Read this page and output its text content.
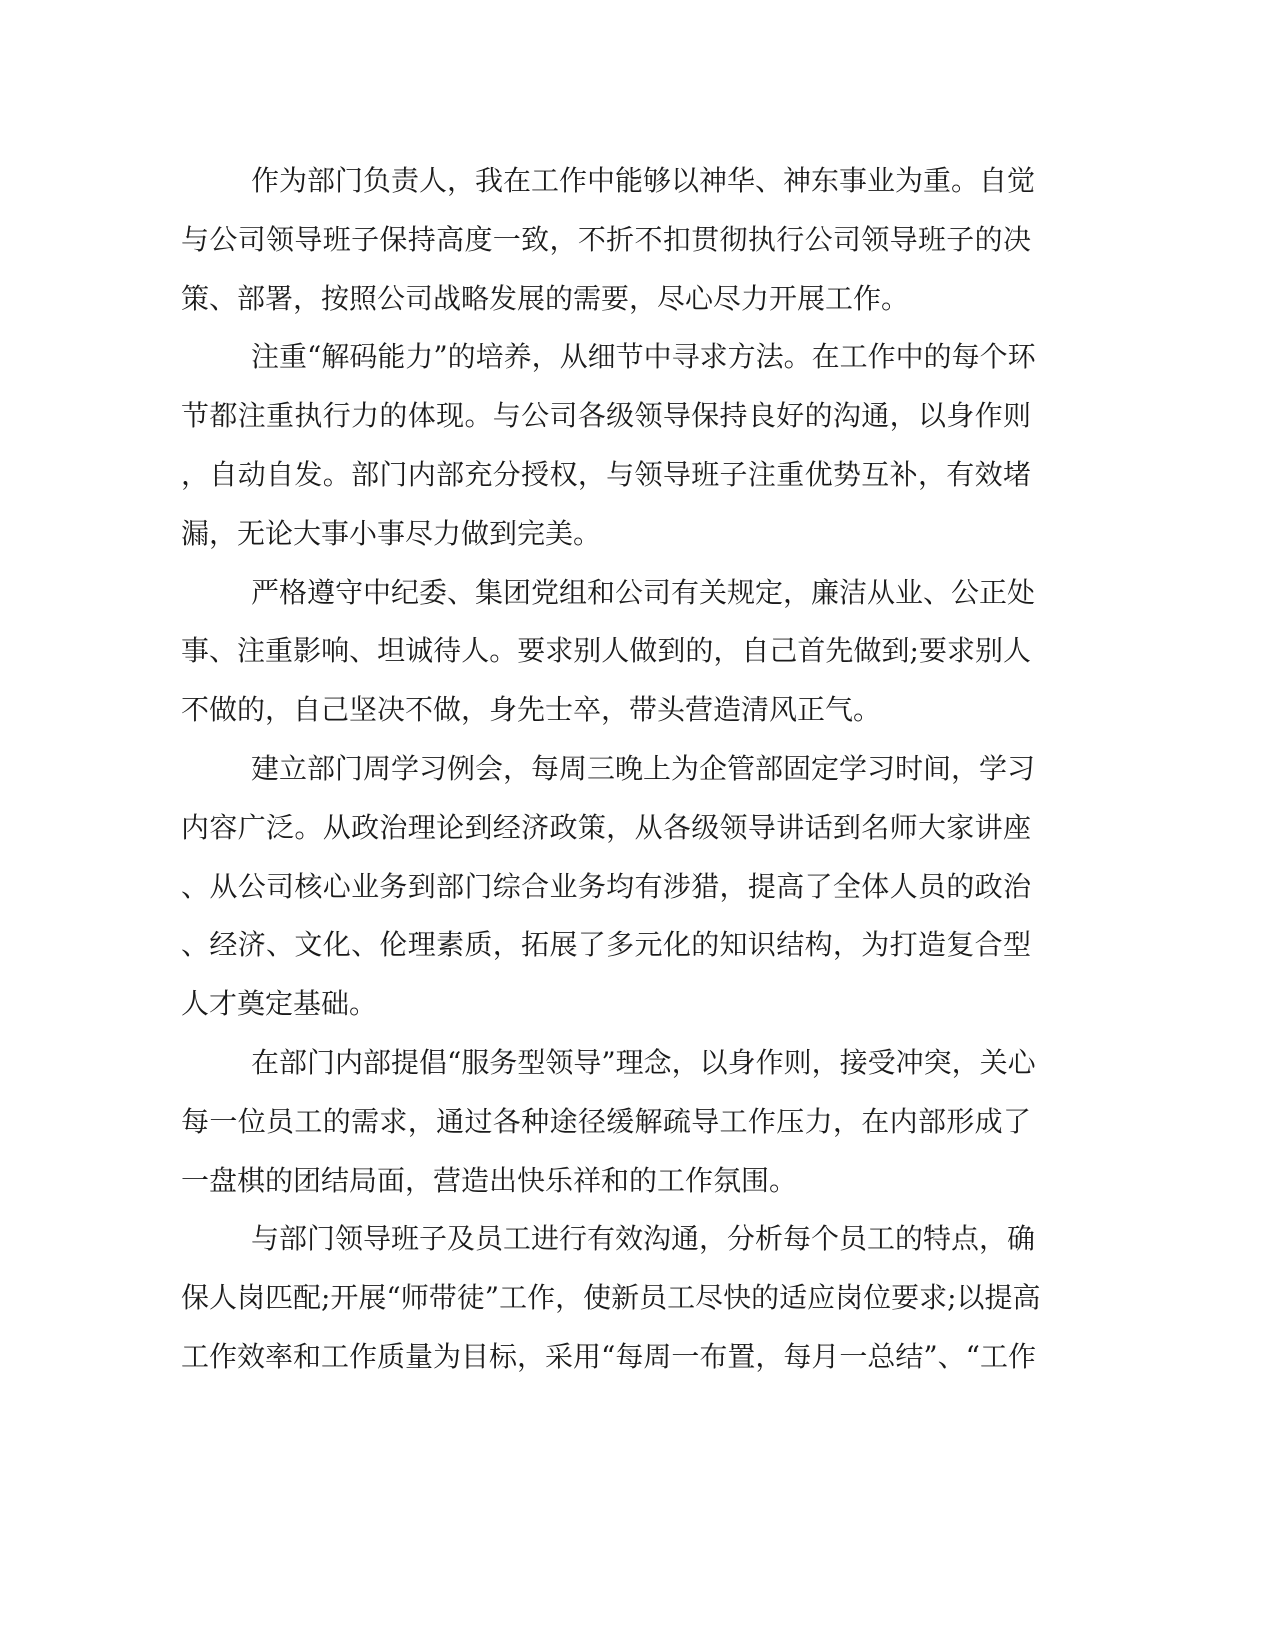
作为部门负责人，我在工作中能够以神华、神东事业为重。自觉
与公司领导班子保持高度一致，不折不扣贯彻执行公司领导班子的决
策、部署，按照公司战略发展的需要，尽心尽力开展工作。
注重“解码能力”的培养，从细节中寻求方法。在工作中的每个环
节都注重执行力的体现。与公司各级领导保持良好的沟通，以身作则
，自动自发。部门内部充分授权，与领导班子注重优势互补，有效堵
漏，无论大事小事尽力做到完美。
严格遵守中纪委、集团党组和公司有关规定，廉洁从业、公正处
事、注重影响、坦诚待人。要求别人做到的，自己首先做到;要求别人
不做的，自己坚决不做，身先士卒，带头营造清风正气。
建立部门周学习例会，每周三晚上为企管部固定学习时间，学习
内容广泛。从政治理论到经济政策，从各级领导讲话到名师大家讲座
、从公司核心业务到部门综合业务均有涉猎，提高了全体人员的政治
、经济、文化、伦理素质，拓展了多元化的知识结构，为打造复合型
人才奠定基础。
在部门内部提倡“服务型领导”理念，以身作则，接受冲突，关心
每一位员工的需求，通过各种途径缓解疏导工作压力，在内部形成了
一盘棋的团结局面，营造出快乐祥和的工作氛围。
与部门领导班子及员工进行有效沟通，分析每个员工的特点，确
保人岗匹配;开展“师带徒”工作，使新员工尽快的适应岗位要求;以提高
工作效率和工作质量为目标，采用“每周一布置，每月一总结”、“工作
